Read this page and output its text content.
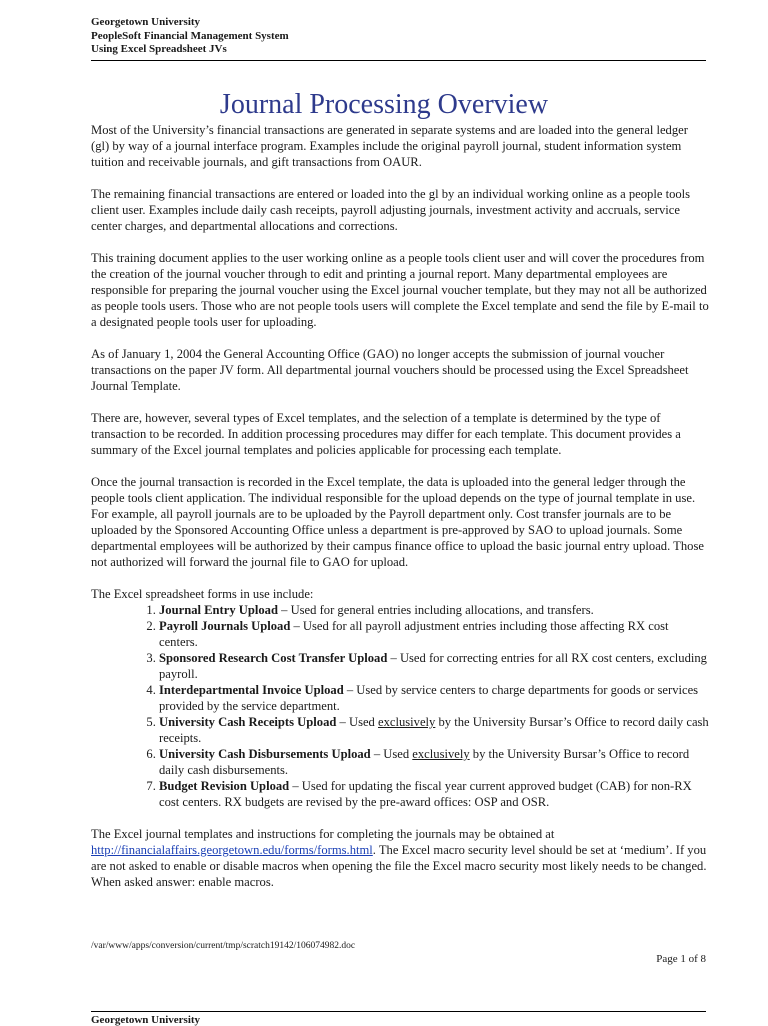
Georgetown University
PeopleSoft Financial Management System
Using Excel Spreadsheet JVs
Journal Processing Overview

Most of the University’s financial transactions are generated in separate systems and are loaded into the general ledger (gl) by way of a journal interface program. Examples include the original payroll journal, student information system tuition and receivable journals, and gift transactions from OAUR.

The remaining financial transactions are entered or loaded into the gl by an individual working online as a people tools client user. Examples include daily cash receipts, payroll adjusting journals, investment activity and accruals, service center charges, and departmental allocations and corrections.

This training document applies to the user working online as a people tools client user and will cover the procedures from the creation of the journal voucher through to edit and printing a journal report. Many departmental employees are responsible for preparing the journal voucher using the Excel journal voucher template, but they may not all be authorized as people tools users. Those who are not people tools users will complete the Excel template and send the file by E-mail to a designated people tools user for uploading.

As of January 1, 2004 the General Accounting Office (GAO) no longer accepts the submission of journal voucher transactions on the paper JV form. All departmental journal vouchers should be processed using the Excel Spreadsheet Journal Template.

There are, however, several types of Excel templates, and the selection of a template is determined by the type of transaction to be recorded. In addition processing procedures may differ for each template. This document provides a summary of the Excel journal templates and policies applicable for processing each template.

Once the journal transaction is recorded in the Excel template, the data is uploaded into the general ledger through the people tools client application. The individual responsible for the upload depends on the type of journal template in use. For example, all payroll journals are to be uploaded by the Payroll department only. Cost transfer journals are to be uploaded by the Sponsored Accounting Office unless a department is pre-approved by SAO to upload journals. Some departmental employees will be authorized by their campus finance office to upload the basic journal entry upload. Those not authorized will forward the journal file to GAO for upload.

The Excel spreadsheet forms in use include:

1. Journal Entry Upload – Used for general entries including allocations, and transfers.
2. Payroll Journals Upload – Used for all payroll adjustment entries including those affecting RX cost centers.
3. Sponsored Research Cost Transfer Upload – Used for correcting entries for all RX cost centers, excluding payroll.
4. Interdepartmental Invoice Upload – Used by service centers to charge departments for goods or services provided by the service department.
5. University Cash Receipts Upload – Used exclusively by the University Bursar’s Office to record daily cash receipts.
6. University Cash Disbursements Upload – Used exclusively by the University Bursar’s Office to record daily cash disbursements.
7. Budget Revision Upload – Used for updating the fiscal year current approved budget (CAB) for non-RX cost centers. RX budgets are revised by the pre-award offices: OSP and OSR.

The Excel journal templates and instructions for completing the journals may be obtained at
http://financialaffairs.georgetown.edu/forms/forms.html. The Excel macro security level should be set at ‘medium’. If you are not asked to enable or disable macros when opening the file the Excel macro security most likely needs to be changed. When asked answer: enable macros.

/var/www/apps/conversion/current/tmp/scratch19142/106074982.doc
Page 1 of 8
Georgetown University
